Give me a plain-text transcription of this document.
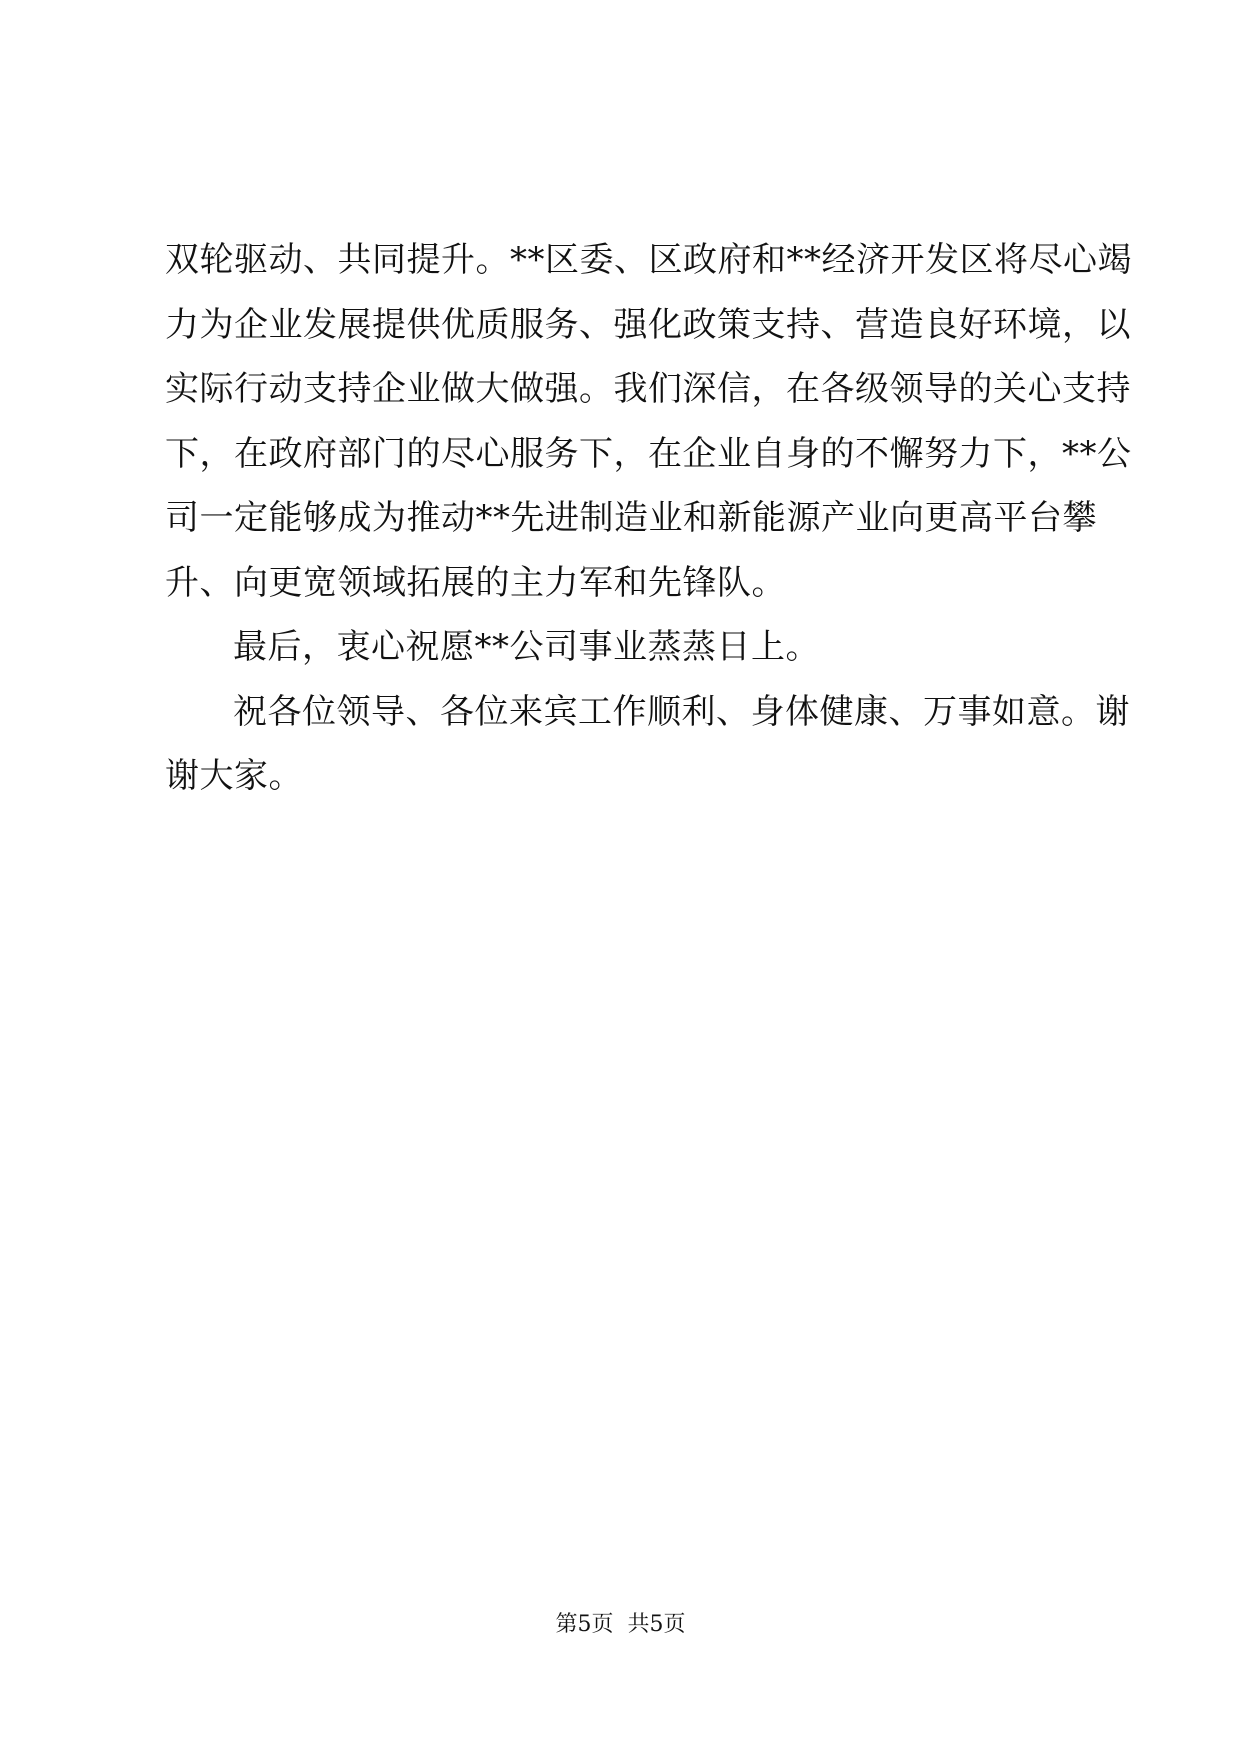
双轮驱动、共同提升。**区委、区政府和**经济开发区将尽心竭
力为企业发展提供优质服务、强化政策支持、营造良好环境，以
实际行动支持企业做大做强。我们深信，在各级领导的关心支持
下，在政府部门的尽心服务下，在企业自身的不懈努力下，**公
司一定能够成为推动**先进制造业和新能源产业向更高平台攀
升、向更宽领域拓展的主力军和先锋队。
最后，衷心祝愿**公司事业蒸蒸日上。
祝各位领导、各位来宾工作顺利、身体健康、万事如意。谢
谢大家。
第5页 共5页
